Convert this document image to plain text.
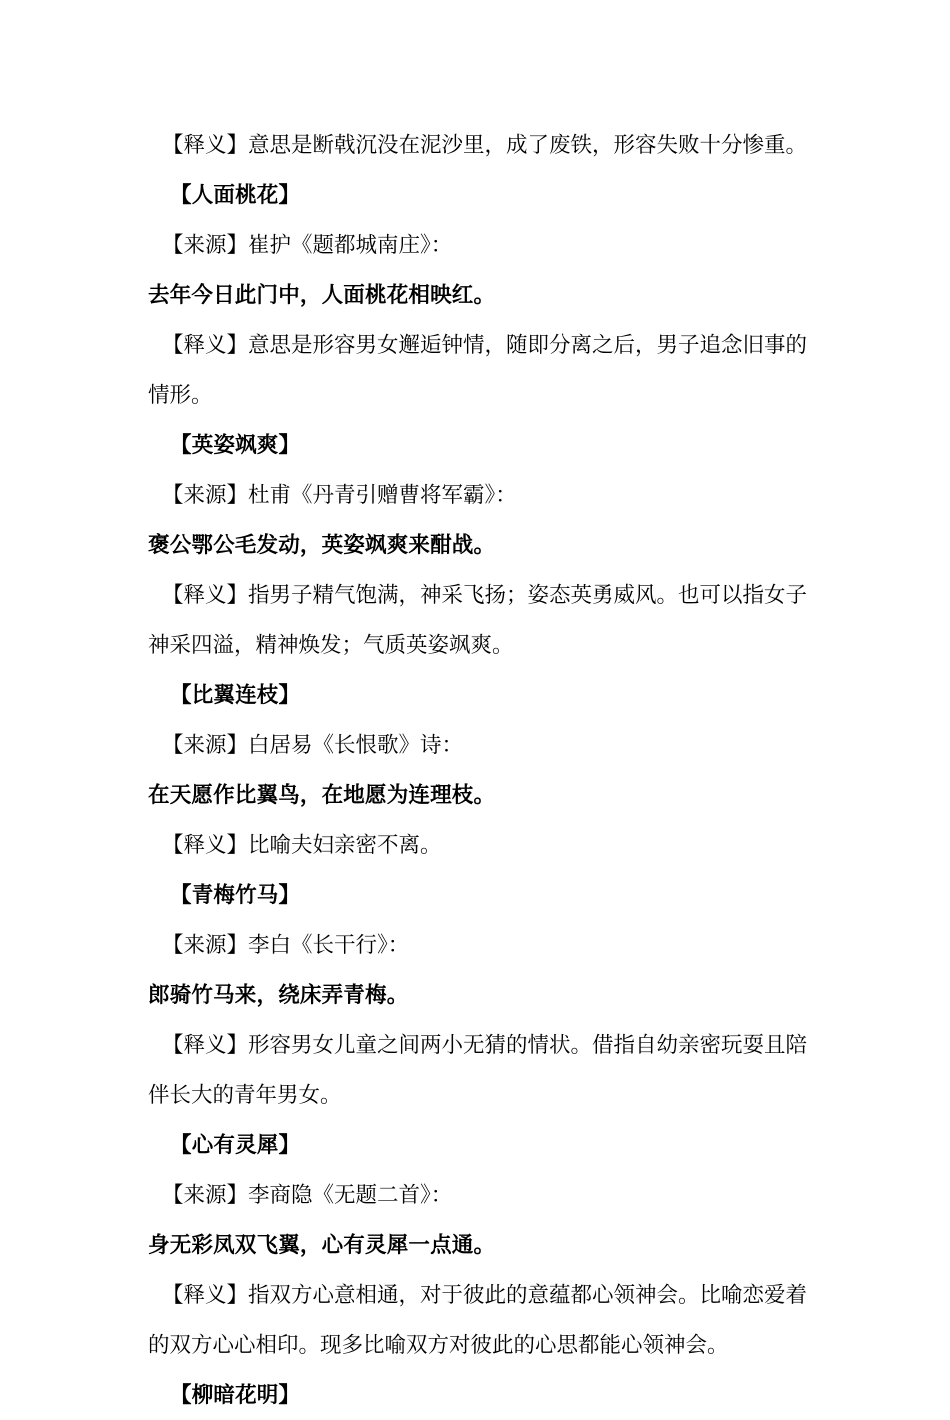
【释义】意思是断戟沉没在泥沙里，成了废铁，形容失败十分惨重。

【人面桃花】

【来源】崔护《题都城南庄》：

去年今日此门中，人面桃花相映红。

【释义】意思是形容男女邂逅钟情，随即分离之后，男子追念旧事的情形。

【英姿飒爽】

【来源】杜甫《丹青引赠曹将军霸》：

褒公鄂公毛发动，英姿飒爽来酣战。

【释义】指男子精气饱满，神采飞扬；姿态英勇威风。也可以指女子神采四溢，精神焕发；气质英姿飒爽。

【比翼连枝】

【来源】白居易《长恨歌》诗：

在天愿作比翼鸟，在地愿为连理枝。

【释义】比喻夫妇亲密不离。

【青梅竹马】

【来源】李白《长干行》：

郎骑竹马来，绕床弄青梅。

【释义】形容男女儿童之间两小无猜的情状。借指自幼亲密玩耍且陪伴长大的青年男女。

【心有灵犀】

【来源】李商隐《无题二首》：

身无彩凤双飞翼，心有灵犀一点通。

【释义】指双方心意相通，对于彼此的意蕴都心领神会。比喻恋爱着的双方心心相印。现多比喻双方对彼此的心思都能心领神会。

【柳暗花明】
